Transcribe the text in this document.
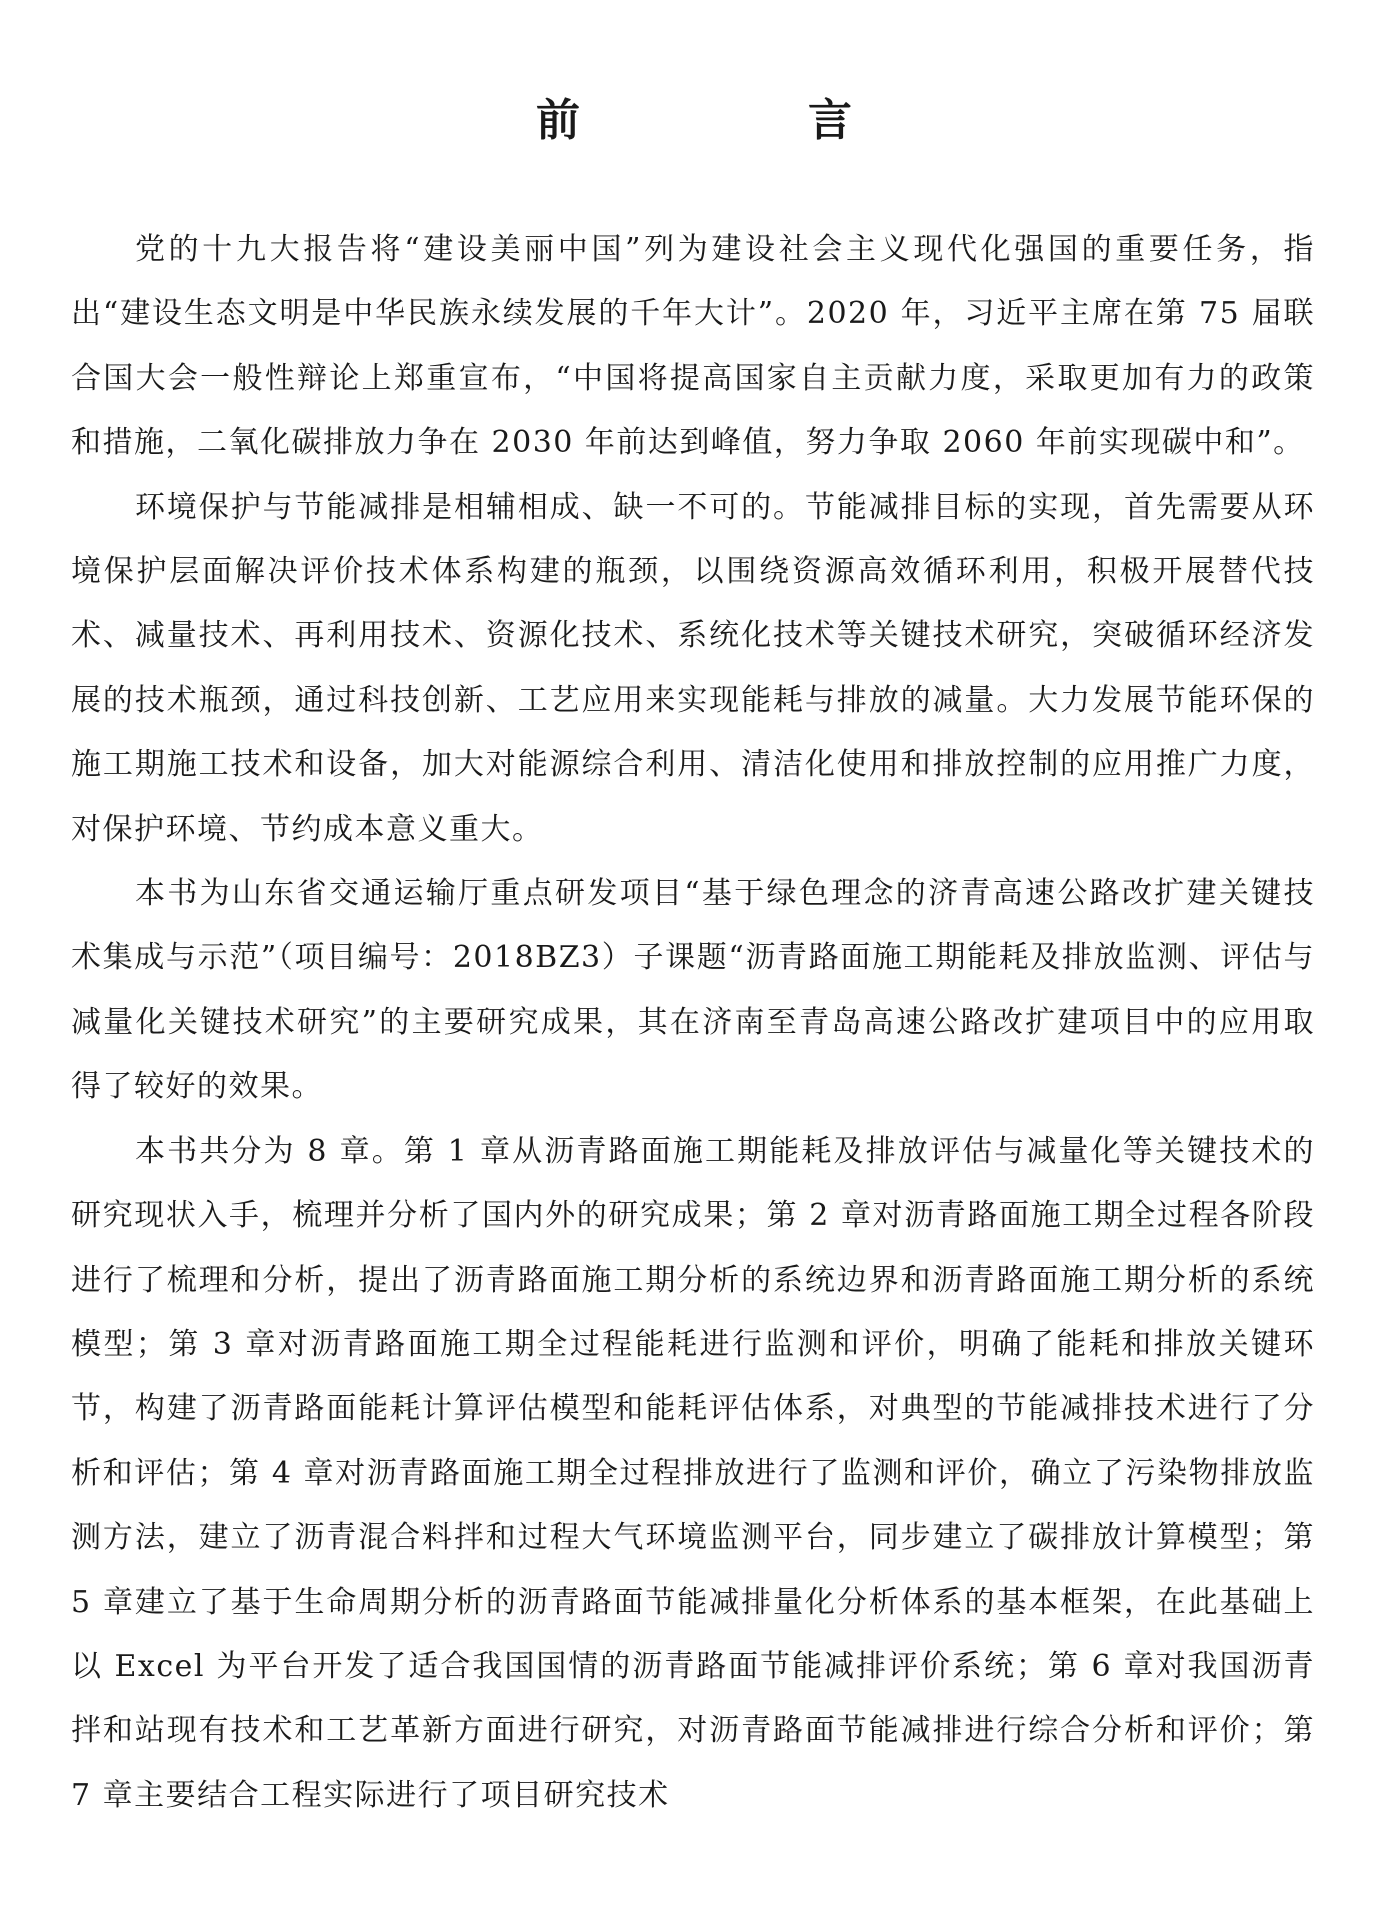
前　言

党的十九大报告将“建设美丽中国”列为建设社会主义现代化强国的重要任务，指出“建设生态文明是中华民族永续发展的千年大计”。2020 年，习近平主席在第 75 届联合国大会一般性辩论上郑重宣布，“中国将提高国家自主贡献力度，采取更加有力的政策和措施，二氧化碳排放力争在 2030 年前达到峰值，努力争取 2060 年前实现碳中和”。

环境保护与节能减排是相辅相成、缺一不可的。节能减排目标的实现，首先需要从环境保护层面解决评价技术体系构建的瓶颈，以围绕资源高效循环利用，积极开展替代技术、减量技术、再利用技术、资源化技术、系统化技术等关键技术研究，突破循环经济发展的技术瓶颈，通过科技创新、工艺应用来实现能耗与排放的减量。大力发展节能环保的施工期施工技术和设备，加大对能源综合利用、清洁化使用和排放控制的应用推广力度，对保护环境、节约成本意义重大。

本书为山东省交通运输厅重点研发项目“基于绿色理念的济青高速公路改扩建关键技术集成与示范”（项目编号：2018BZ3）子课题“沥青路面施工期能耗及排放监测、评估与减量化关键技术研究”的主要研究成果，其在济南至青岛高速公路改扩建项目中的应用取得了较好的效果。

本书共分为 8 章。第 1 章从沥青路面施工期能耗及排放评估与减量化等关键技术的研究现状入手，梳理并分析了国内外的研究成果；第 2 章对沥青路面施工期全过程各阶段进行了梳理和分析，提出了沥青路面施工期分析的系统边界和沥青路面施工期分析的系统模型；第 3 章对沥青路面施工期全过程能耗进行监测和评价，明确了能耗和排放关键环节，构建了沥青路面能耗计算评估模型和能耗评估体系，对典型的节能减排技术进行了分析和评估；第 4 章对沥青路面施工期全过程排放进行了监测和评价，确立了污染物排放监测方法，建立了沥青混合料拌和过程大气环境监测平台，同步建立了碳排放计算模型；第 5 章建立了基于生命周期分析的沥青路面节能减排量化分析体系的基本框架，在此基础上以 Excel 为平台开发了适合我国国情的沥青路面节能减排评价系统；第 6 章对我国沥青拌和站现有技术和工艺革新方面进行研究，对沥青路面节能减排进行综合分析和评价；第 7 章主要结合工程实际进行了项目研究技术
